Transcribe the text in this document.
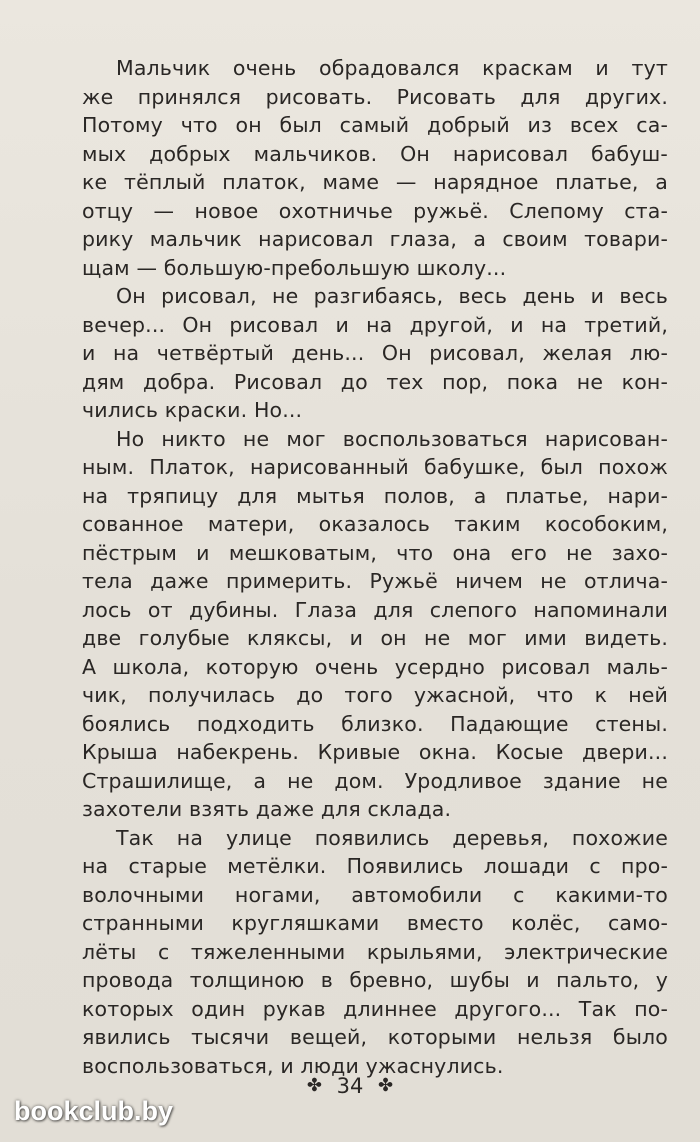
Мальчик очень обрадовался краскам и тут
же принялся рисовать. Рисовать для других.
Потому что он был самый добрый из всех са-
мых добрых мальчиков. Он нарисовал бабуш-
ке тёплый платок, маме — нарядное платье, а
отцу — новое охотничье ружьё. Слепому ста-
рику мальчик нарисовал глаза, а своим товари-
щам — большую-пребольшую школу...
Он рисовал, не разгибаясь, весь день и весь
вечер... Он рисовал и на другой, и на третий,
и на четвёртый день... Он рисовал, желая лю-
дям добра. Рисовал до тех пор, пока не кон-
чились краски. Но...
Но никто не мог воспользоваться нарисован-
ным. Платок, нарисованный бабушке, был похож
на тряпицу для мытья полов, а платье, нари-
сованное матери, оказалось таким кособоким,
пёстрым и мешковатым, что она его не захо-
тела даже примерить. Ружьё ничем не отлича-
лось от дубины. Глаза для слепого напоминали
две голубые кляксы, и он не мог ими видеть.
А школа, которую очень усердно рисовал маль-
чик, получилась до того ужасной, что к ней
боялись подходить близко. Падающие стены.
Крыша набекрень. Кривые окна. Косые двери...
Страшилище, а не дом. Уродливое здание не
захотели взять даже для склада.
Так на улице появились деревья, похожие
на старые метёлки. Появились лошади с про-
волочными ногами, автомобили с какими-то
странными кругляшками вместо колёс, само-
лёты с тяжеленными крыльями, электрические
провода толщиною в бревно, шубы и пальто, у
которых один рукав длиннее другого... Так по-
явились тысячи вещей, которыми нельзя было
воспользоваться, и люди ужаснулись.
✤ 34 ✤
bookclub.by
